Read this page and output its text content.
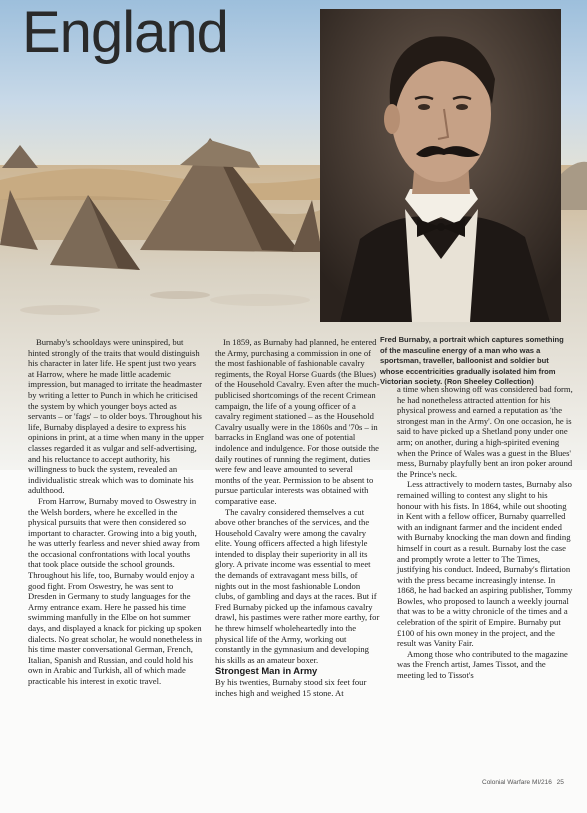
England
Fred Burnaby, a portrait which captures something of the masculine energy of a man who was a sportsman, traveller, balloonist and soldier but whose eccentricities gradually isolated him from Victorian society. (Ron Sheeley Collection)

Burnaby's schooldays were uninspired, but hinted strongly of the traits that would distinguish his character in later life. He spent just two years at Harrow, where he made little academic impression, but managed to irritate the headmaster by writing a letter to Punch in which he criticised the system by which younger boys acted as servants – or 'fags' – to older boys. Throughout his life, Burnaby displayed a desire to express his opinions in print, at a time when many in the upper classes regarded it as vulgar and self-advertising, and his reluctance to accept authority, his willingness to buck the system, revealed an individualistic streak which was to dominate his adulthood.

From Harrow, Burnaby moved to Oswestry in the Welsh borders, where he excelled in the physical pursuits that were then considered so important to character. Growing into a big youth, he was utterly fearless and never shied away from the occasional confrontations with local youths that took place outside the school grounds. Throughout his life, too, Burnaby would enjoy a good fight. From Oswestry, he was sent to Dresden in Germany to study languages for the Army entrance exam. Here he passed his time swimming manfully in the Elbe on hot summer days, and displayed a knack for picking up spoken dialects. No great scholar, he would nonetheless in his time master conversational German, French, Italian, Spanish and Russian, and could hold his own in Arabic and Turkish, all of which made practicable his interest in exotic travel.

In 1859, as Burnaby had planned, he entered the Army, purchasing a commission in one of the most fashionable of fashionable cavalry regiments, the Royal Horse Guards (the Blues) of the Household Cavalry. Even after the much-publicised shortcomings of the recent Crimean campaign, the life of a young officer of a cavalry regiment stationed – as the Household Cavalry usually were in the 1860s and '70s – in barracks in England was one of potential indolence and indulgence. For those outside the daily routines of running the regiment, duties were few and leave amounted to several months of the year. Permission to be absent to pursue particular interests was obtained with comparative ease.

The cavalry considered themselves a cut above other branches of the services, and the Household Cavalry were among the cavalry elite. Young officers affected a high lifestyle intended to display their superiority in all its glory. A private income was essential to meet the demands of extravagant mess bills, of nights out in the most fashionable London clubs, of gambling and days at the races. But if Fred Burnaby picked up the infamous cavalry drawl, his pastimes were rather more earthy, for he threw himself wholeheartedly into the physical life of the Army, working out constantly in the gymnasium and developing his skills as an amateur boxer.

Strongest Man in Army

By his twenties, Burnaby stood six feet four inches high and weighed 15 stone. At

a time when showing off was considered bad form, he had nonetheless attracted attention for his physical prowess and earned a reputation as 'the strongest man in the Army'. On one occasion, he is said to have picked up a Shetland pony under one arm; on another, during a high-spirited evening when the Prince of Wales was a guest in the Blues' mess, Burnaby playfully bent an iron poker around the Prince's neck.

Less attractively to modern tastes, Burnaby also remained willing to contest any slight to his honour with his fists. In 1864, while out shooting in Kent with a fellow officer, Burnaby quarrelled with an indignant farmer and the incident ended with Burnaby knocking the man down and finding himself in court as a result. Burnaby lost the case and promptly wrote a letter to The Times, justifying his conduct. Indeed, Burnaby's flirtation with the press became increasingly intense. In 1868, he had backed an aspiring publisher, Tommy Bowles, who proposed to launch a weekly journal that was to be a witty chronicle of the times and a celebration of the spirit of Empire. Burnaby put £100 of his own money in the project, and the result was Vanity Fair.

Among those who contributed to the magazine was the French artist, James Tissot, and the meeting led to Tissot's

Colonial Warfare MI/216 25
